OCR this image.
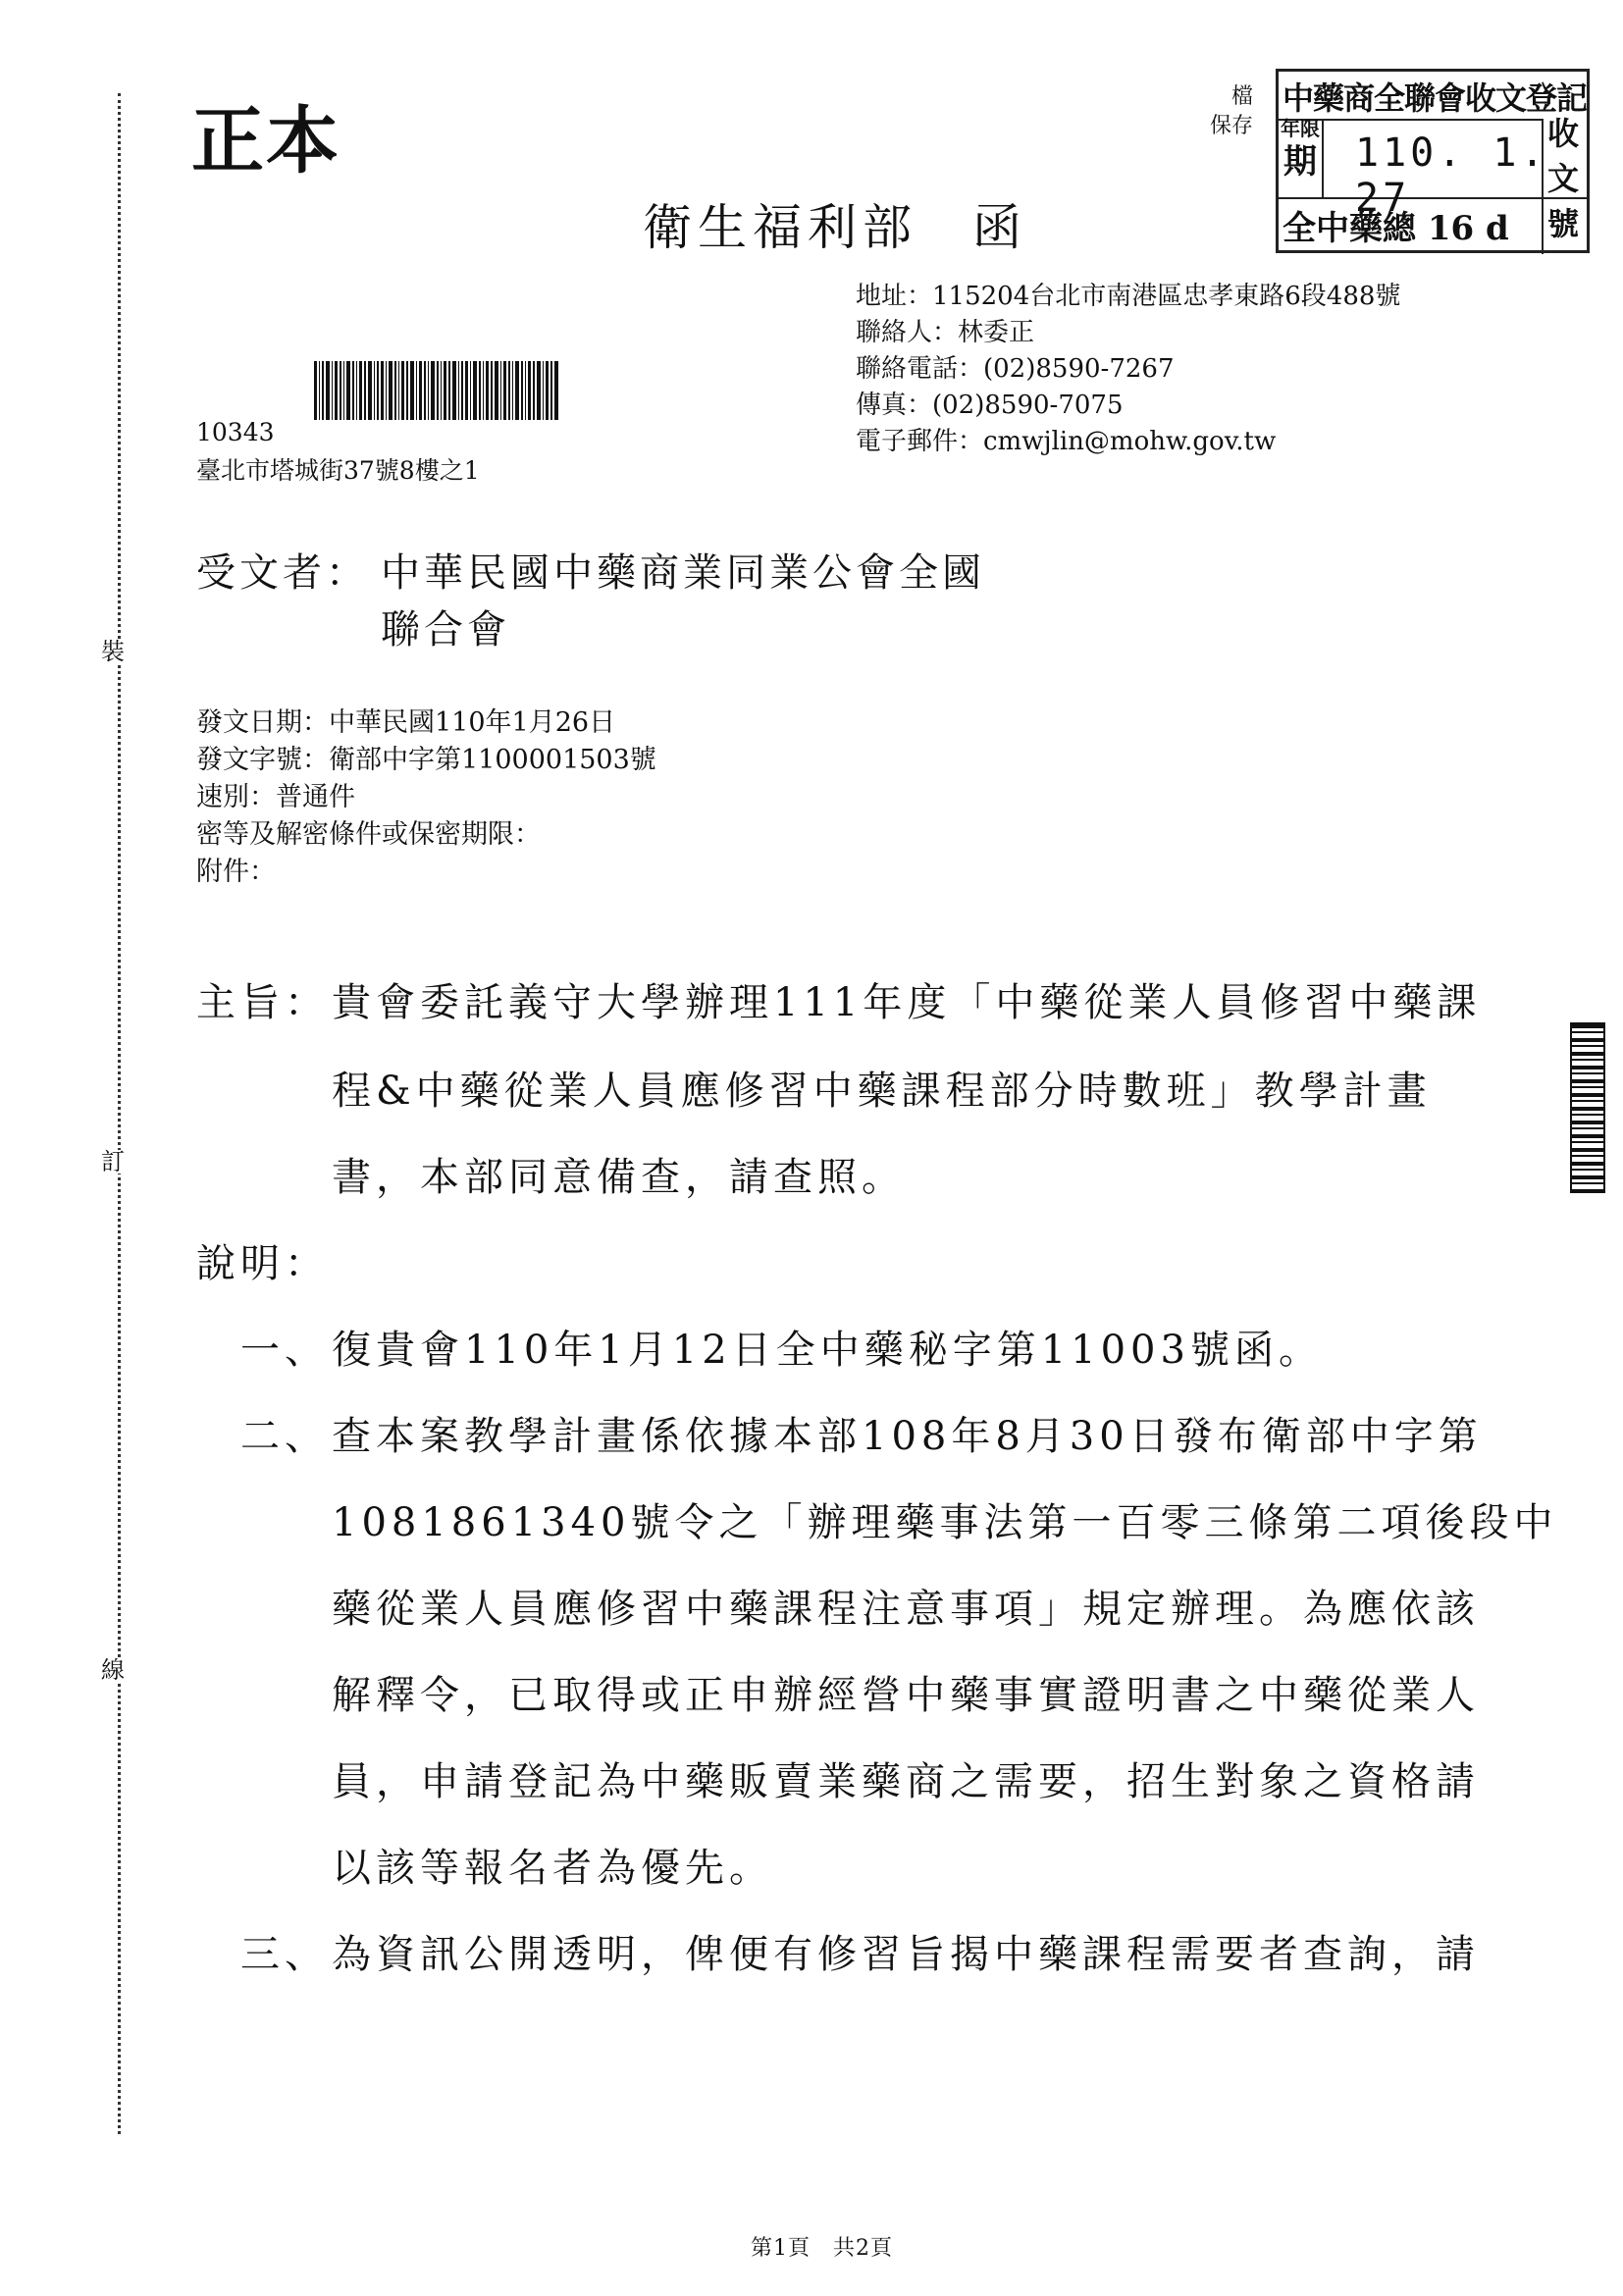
裝
訂
線
正本
衛生福利部　函
檔
保存
中藥商全聯會收文登記
年限
期 110. 1. 27
全中藥總 16 d
收文號
地址：115204台北市南港區忠孝東路6段488號
聯絡人：林委正
聯絡電話：(02)8590-7267
傳真：(02)8590-7075
電子郵件：cmwjlin@mohw.gov.tw
10343
臺北市塔城街37號8樓之1
受文者： 中華民國中藥商業同業公會全國
聯合會
發文日期：中華民國110年1月26日
發文字號：衛部中字第1100001503號
速別：普通件
密等及解密條件或保密期限：
附件：
主旨： 貴會委託義守大學辦理111年度「中藥從業人員修習中藥課
程&中藥從業人員應修習中藥課程部分時數班」教學計畫
書，本部同意備查，請查照。
說明：
一、 復貴會110年1月12日全中藥秘字第11003號函。
二、 查本案教學計畫係依據本部108年8月30日發布衛部中字第
1081861340號令之「辦理藥事法第一百零三條第二項後段中
藥從業人員應修習中藥課程注意事項」規定辦理。為應依該
解釋令，已取得或正申辦經營中藥事實證明書之中藥從業人
員，申請登記為中藥販賣業藥商之需要，招生對象之資格請
以該等報名者為優先。
三、 為資訊公開透明，俾便有修習旨揭中藥課程需要者查詢，請
第1頁　共2頁
